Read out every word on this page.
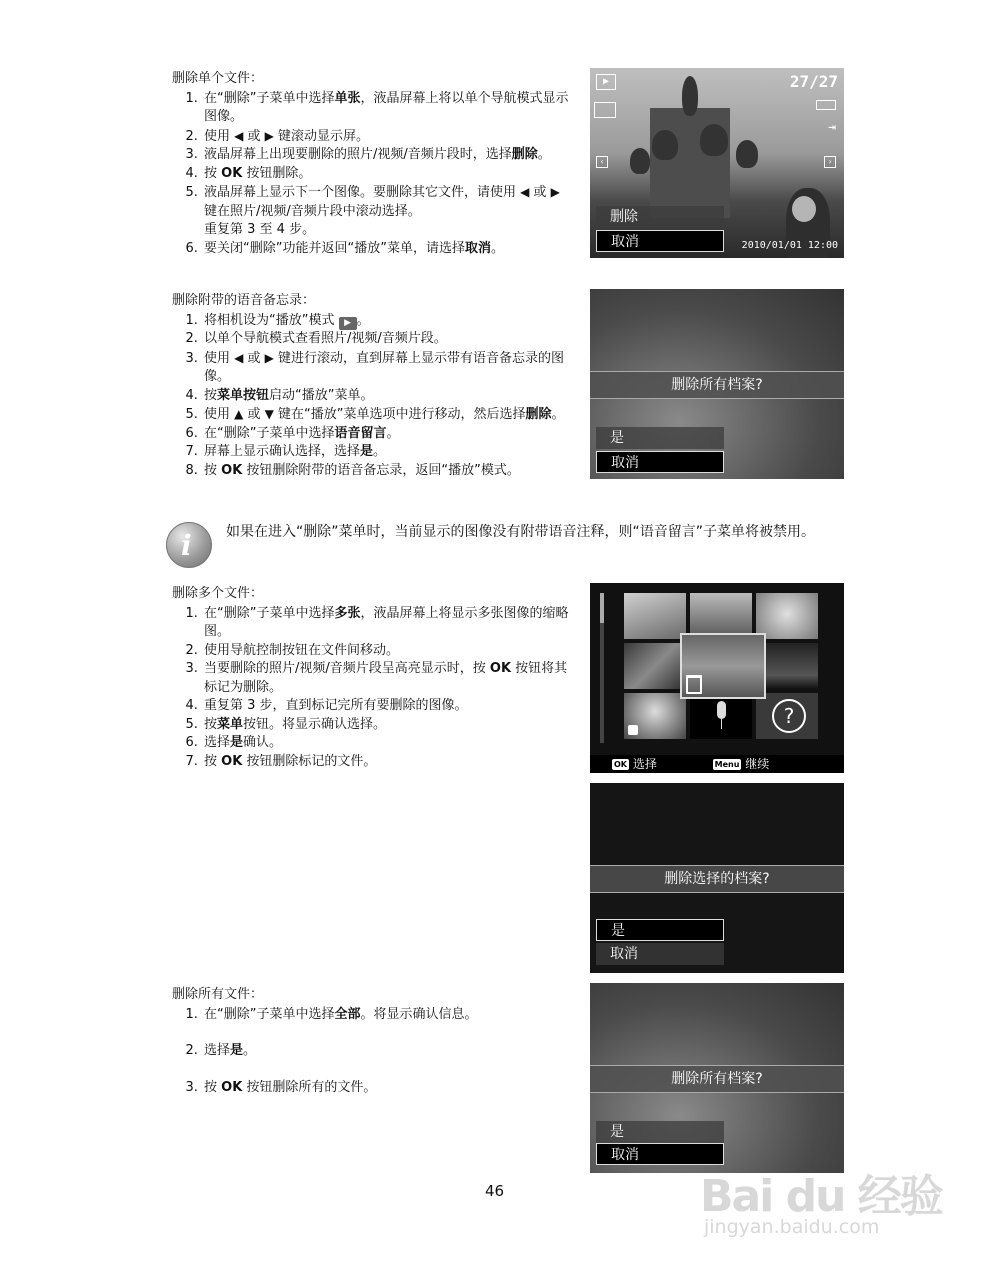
删除单个文件：
1. 在“删除”子菜单中选择单张，液晶屏幕上将以单个导航模式显示图像。
2. 使用 ◀ 或 ▶ 键滚动显示屏。
3. 液晶屏幕上出现要删除的照片/视频/音频片段时，选择删除。
4. 按 OK 按钮删除。
5. 液晶屏幕上显示下一个图像。要删除其它文件，请使用 ◀ 或 ▶ 键在照片/视频/音频片段中滚动选择。
重复第 3 至 4 步。
6. 要关闭“删除”功能并返回“播放”菜单，请选择取消。
▶	27/27
⇥
‹	›
删除
取消	2010/01/01 12:00
删除附带的语音备忘录：
1. 将相机设为“播放”模式 ▶ 。
2. 以单个导航模式查看照片/视频/音频片段。
3. 使用 ◀ 或 ▶ 键进行滚动，直到屏幕上显示带有语音备忘录的图像。
4. 按菜单按钮启动“播放”菜单。
5. 使用 ▲ 或 ▼ 键在“播放”菜单选项中进行移动，然后选择删除。
6. 在“删除”子菜单中选择语音留言。
7. 屏幕上显示确认选择，选择是。
8. 按 OK 按钮删除附带的语音备忘录，返回“播放”模式。
删除所有档案?
是
取消
i 如果在进入“删除”菜单时，当前显示的图像没有附带语音注释，则“语音留言”子菜单将被禁用。
删除多个文件：
1. 在“删除”子菜单中选择多张，液晶屏幕上将显示多张图像的缩略图。
2. 使用导航控制按钮在文件间移动。
3. 当要删除的照片/视频/音频片段呈高亮显示时，按 OK 按钮将其标记为删除。
4. 重复第 3 步，直到标记完所有要删除的图像。
5. 按菜单按钮。将显示确认选择。
6. 选择是确认。
7. 按 OK 按钮删除标记的文件。
?
OK 选择	Menu 继续
删除选择的档案?
是
取消
删除所有文件：
1. 在“删除”子菜单中选择全部。将显示确认信息。
2. 选择是。
3. 按 OK 按钮删除所有的文件。	删除所有档案?
是
取消
46	Bai du 经验
jingyan.baidu.com
